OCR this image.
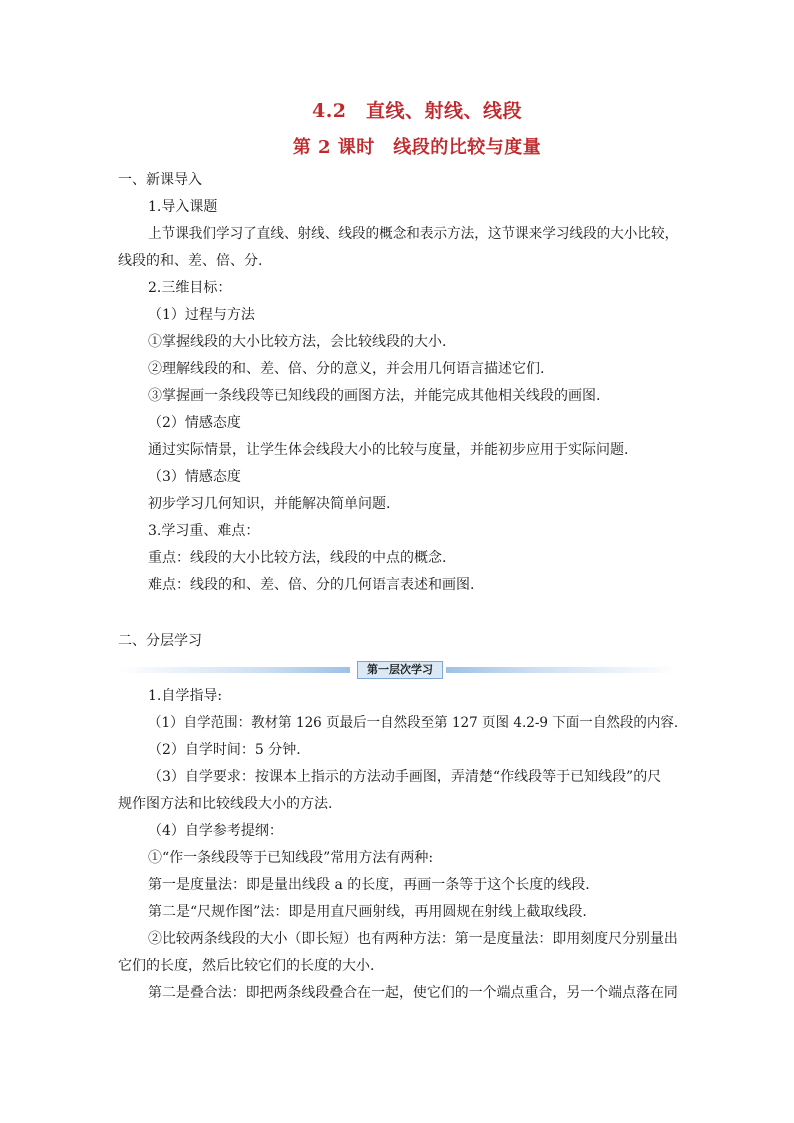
4.2　直线、射线、线段
第 2 课时　线段的比较与度量
一、新课导入
1.导入课题
上节课我们学习了直线、射线、线段的概念和表示方法，这节课来学习线段的大小比较，
线段的和、差、倍、分.
2.三维目标：
（1）过程与方法
①掌握线段的大小比较方法，会比较线段的大小.
②理解线段的和、差、倍、分的意义，并会用几何语言描述它们.
③掌握画一条线段等已知线段的画图方法，并能完成其他相关线段的画图.
（2）情感态度
通过实际情景，让学生体会线段大小的比较与度量，并能初步应用于实际问题.
（3）情感态度
初步学习几何知识，并能解决简单问题.
3.学习重、难点：
重点：线段的大小比较方法，线段的中点的概念.
难点：线段的和、差、倍、分的几何语言表述和画图.
二、分层学习
第一层次学习
1.自学指导:
（1）自学范围：教材第 126 页最后一自然段至第 127 页图 4.2-9 下面一自然段的内容.
（2）自学时间：5 分钟.
（3）自学要求：按课本上指示的方法动手画图，弄清楚“作线段等于已知线段”的尺
规作图方法和比较线段大小的方法.
（4）自学参考提纲：
①“作一条线段等于已知线段”常用方法有两种:
第一是度量法：即是量出线段 a 的长度，再画一条等于这个长度的线段.
第二是“尺规作图”法：即是用直尺画射线，再用圆规在射线上截取线段.
②比较两条线段的大小（即长短）也有两种方法：第一是度量法：即用刻度尺分别量出
它们的长度，然后比较它们的长度的大小.
第二是叠合法：即把两条线段叠合在一起，使它们的一个端点重合，另一个端点落在同
